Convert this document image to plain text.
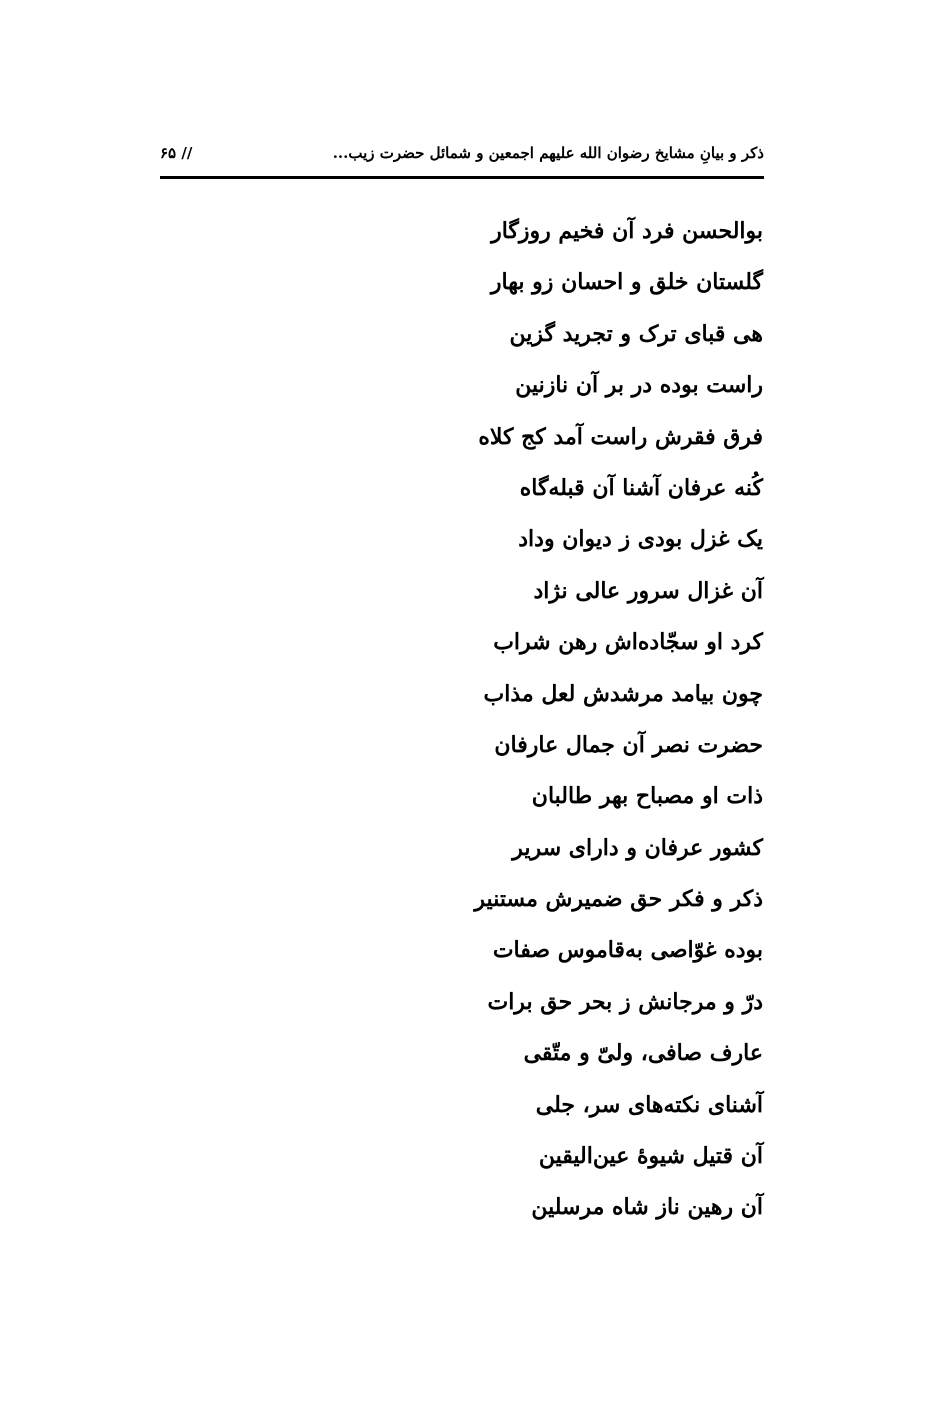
ذکر و بیانِ مشایخ رضوان الله علیهم اجمعین و شمائل حضرت زیب...
// ۶۵
بوالحسن فرد آن فخیم روزگار
گلستان خلق و احسان زو بهار
هی قبای ترک و تجرید گزین
راست بوده در بر آن نازنین
فرق فقرش راست آمد کج کلاه
کُنه عرفان آشنا آن قبله‌گاه
یک غزل بودی ز دیوان وداد
آن غزال سرور عالی نژاد
کرد او سجّاده‌اش رهن شراب
چون بیامد مرشدش لعل مذاب
حضرت نصر آن جمال عارفان
ذات او مصباح بهر طالبان
کشور عرفان و دارای سریر
ذکر و فکر حق ضمیرش مستنیر
بوده غوّاصی به‌قاموس صفات
درّ و مرجانش ز بحر حق برات
عارف صافی، ولیّ و متّقی
آشنای نکته‌های سر، جلی
آن قتیل شیوهٔ عین‌الیقین
آن رهین ناز شاه مرسلین
